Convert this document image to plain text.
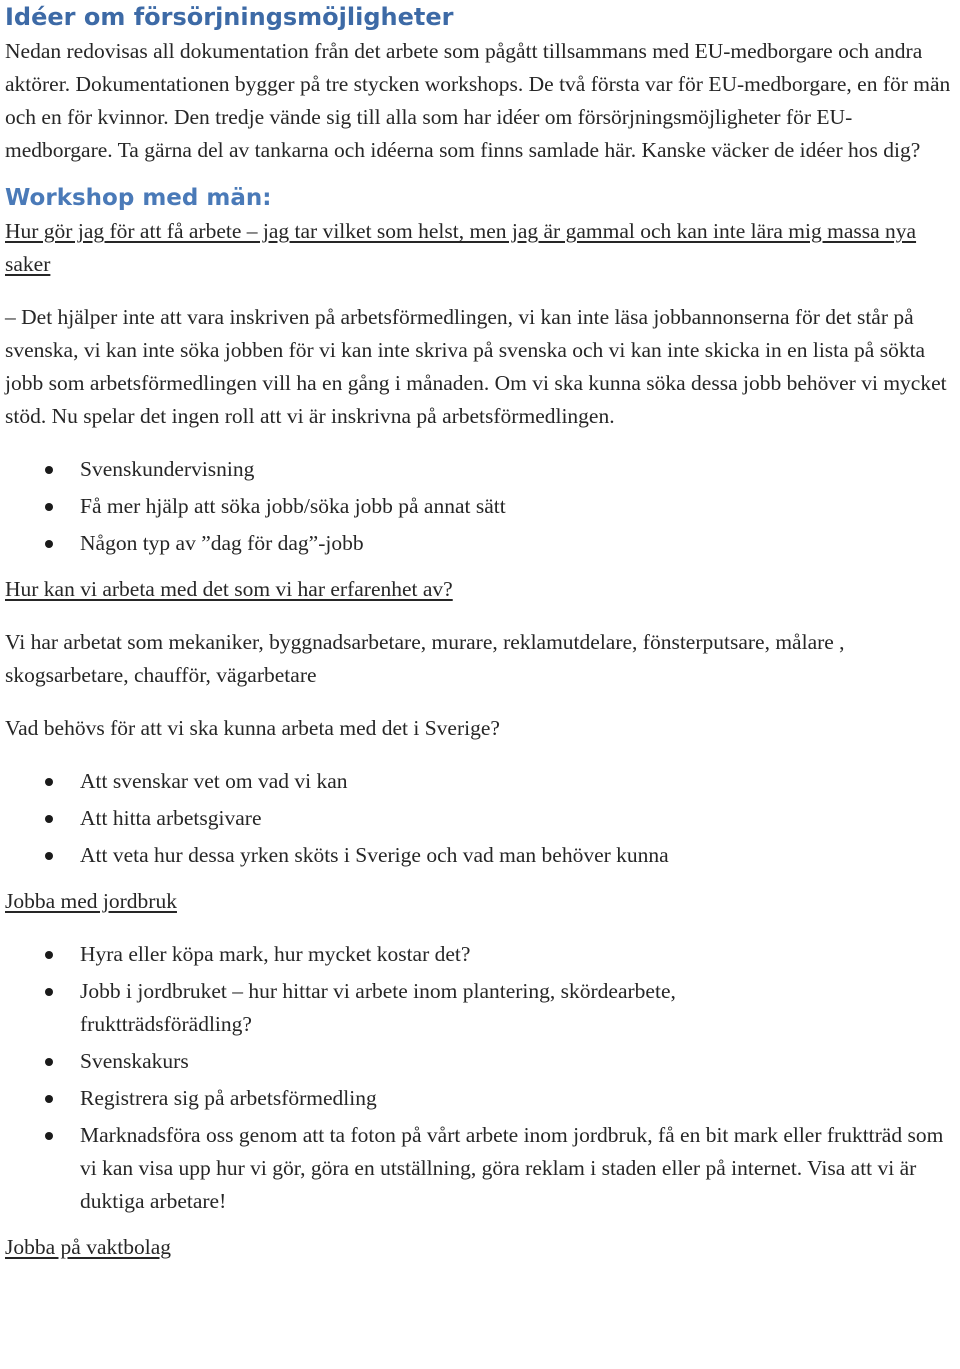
Idéer om försörjningsmöjligheter

Nedan redovisas all dokumentation från det arbete som pågått tillsammans med EU-medborgare och andra aktörer. Dokumentationen bygger på tre stycken workshops. De två första var för EU-medborgare, en för män och en för kvinnor. Den tredje vände sig till alla som har idéer om försörjningsmöjligheter för EU-medborgare. Ta gärna del av tankarna och idéerna som finns samlade här. Kanske väcker de idéer hos dig?

Workshop med män:

Hur gör jag för att få arbete – jag tar vilket som helst, men jag är gammal och kan inte lära mig massa nya saker

– Det hjälper inte att vara inskriven på arbetsförmedlingen, vi kan inte läsa jobbannonserna för det står på svenska, vi kan inte söka jobben för vi kan inte skriva på svenska och vi kan inte skicka in en lista på sökta jobb som arbetsförmedlingen vill ha en gång i månaden. Om vi ska kunna söka dessa jobb behöver vi mycket stöd. Nu spelar det ingen roll att vi är inskrivna på arbetsförmedlingen.

Svenskundervisning
Få mer hjälp att söka jobb/söka jobb på annat sätt
Någon typ av ”dag för dag”-jobb

Hur kan vi arbeta med det som vi har erfarenhet av?

Vi har arbetat som mekaniker, byggnadsarbetare, murare, reklamutdelare, fönsterputsare, målare , skogsarbetare, chaufför, vägarbetare

Vad behövs för att vi ska kunna arbeta med det i Sverige?

Att svenskar vet om vad vi kan
Att hitta arbetsgivare
Att veta hur dessa yrken sköts i Sverige och vad man behöver kunna

Jobba med jordbruk

Hyra eller köpa mark, hur mycket kostar det?
Jobb i jordbruket – hur hittar vi arbete inom plantering, skördearbete, fruktträdsförädling?
Svenskakurs
Registrera sig på arbetsförmedling
Marknadsföra oss genom att ta foton på vårt arbete inom jordbruk, få en bit mark eller fruktträd som vi kan visa upp hur vi gör, göra en utställning, göra reklam i staden eller på internet. Visa att vi är duktiga arbetare!

Jobba på vaktbolag
